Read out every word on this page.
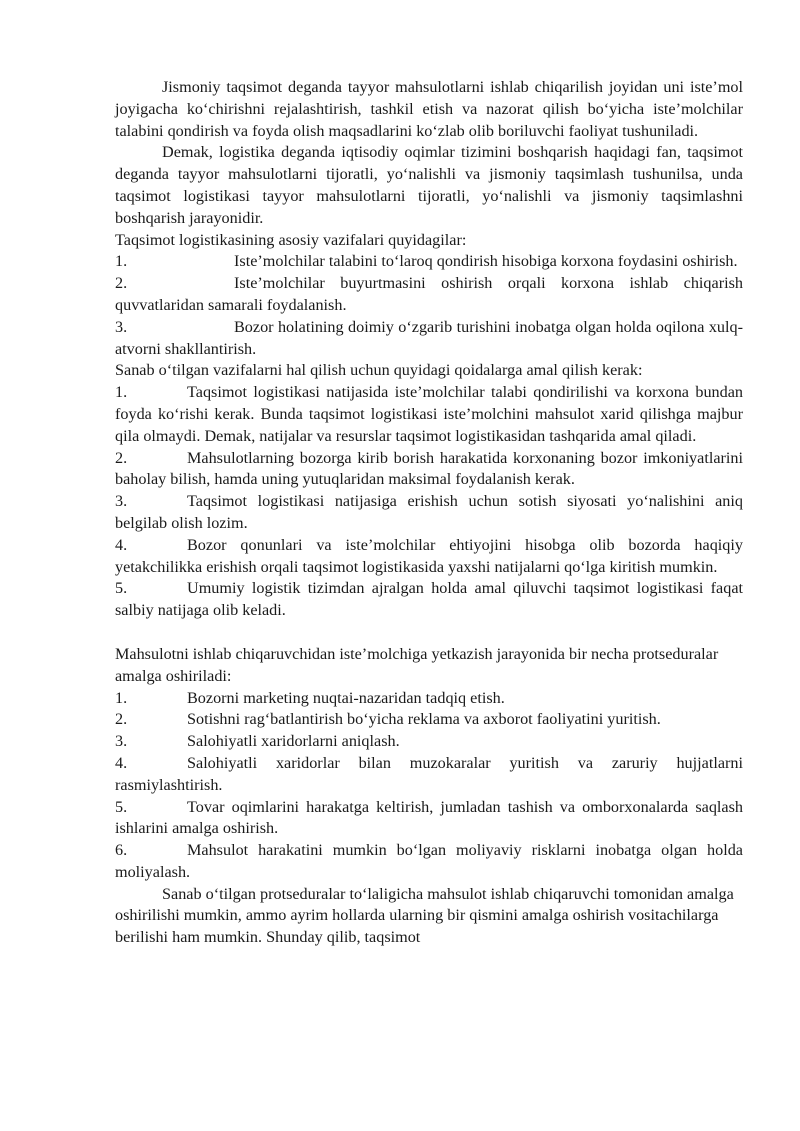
Jismoniy taqsimot deganda tayyor mahsulotlarni ishlab chiqarilish joyidan uni iste’mol joyigacha ko‘chirishni rejalashtirish, tashkil etish va nazorat qilish bo‘yicha iste’molchilar talabini qondirish va foyda olish maqsadlarini ko‘zlab olib boriluvchi faoliyat tushuniladi.

Demak, logistika deganda iqtisodiy oqimlar tizimini boshqarish haqidagi fan, taqsimot deganda tayyor mahsulotlarni tijoratli, yo‘nalishli va jismoniy taqsimlash tushunilsa, unda taqsimot logistikasi tayyor mahsulotlarni tijoratli, yo‘nalishli va jismoniy taqsimlashni boshqarish jarayonidir.

Taqsimot logistikasining asosiy vazifalari quyidagilar:

1.	Iste’molchilar talabini to‘laroq qondirish hisobiga korxona foydasini oshirish.

2.	Iste’molchilar buyurtmasini oshirish orqali korxona ishlab chiqarish quvvatlaridan samarali foydalanish.

3.	Bozor holatining doimiy o‘zgarib turishini inobatga olgan holda oqilona xulq-atvorni shakllantirish.

Sanab o‘tilgan vazifalarni hal qilish uchun quyidagi qoidalarga amal qilish kerak:

1.	Taqsimot logistikasi natijasida iste’molchilar talabi qondirilishi va korxona bundan foyda ko‘rishi kerak. Bunda taqsimot logistikasi iste’molchini mahsulot xarid qilishga majbur qila olmaydi. Demak, natijalar va resurslar taqsimot logistikasidan tashqarida amal qiladi.

2.	Mahsulotlarning bozorga kirib borish harakatida korxonaning bozor imkoniyatlarini baholay bilish, hamda uning yutuqlaridan maksimal foydalanish kerak.

3.	Taqsimot logistikasi natijasiga erishish uchun sotish siyosati yo‘nalishini aniq belgilab olish lozim.

4.	Bozor qonunlari va iste’molchilar ehtiyojini hisobga olib bozorda haqiqiy yetakchilikka erishish orqali taqsimot logistikasida yaxshi natijalarni qo‘lga kiritish mumkin.

5.	Umumiy logistik tizimdan ajralgan holda amal qiluvchi taqsimot logistikasi faqat salbiy natijaga olib keladi.

Mahsulotni ishlab chiqaruvchidan iste’molchiga yetkazish jarayonida bir necha protseduralar amalga oshiriladi:

1.	Bozorni marketing nuqtai-nazaridan tadqiq etish.

2.	Sotishni rag‘batlantirish bo‘yicha reklama va axborot faoliyatini yuritish.

3.	Salohiyatli xaridorlarni aniqlash.

4.	Salohiyatli xaridorlar bilan muzokaralar yuritish va zaruriy hujjatlarni rasmiylashtirish.

5.	Tovar oqimlarini harakatga keltirish, jumladan tashish va omborxonalarda saqlash ishlarini amalga oshirish.

6.	Mahsulot harakatini mumkin bo‘lgan moliyaviy risklarni inobatga olgan holda moliyalash.

Sanab o‘tilgan protseduralar to‘laligicha mahsulot ishlab chiqaruvchi tomonidan amalga oshirilishi mumkin, ammo ayrim hollarda ularning bir qismini amalga oshirish vositachilarga berilishi ham mumkin. Shunday qilib, taqsimot
